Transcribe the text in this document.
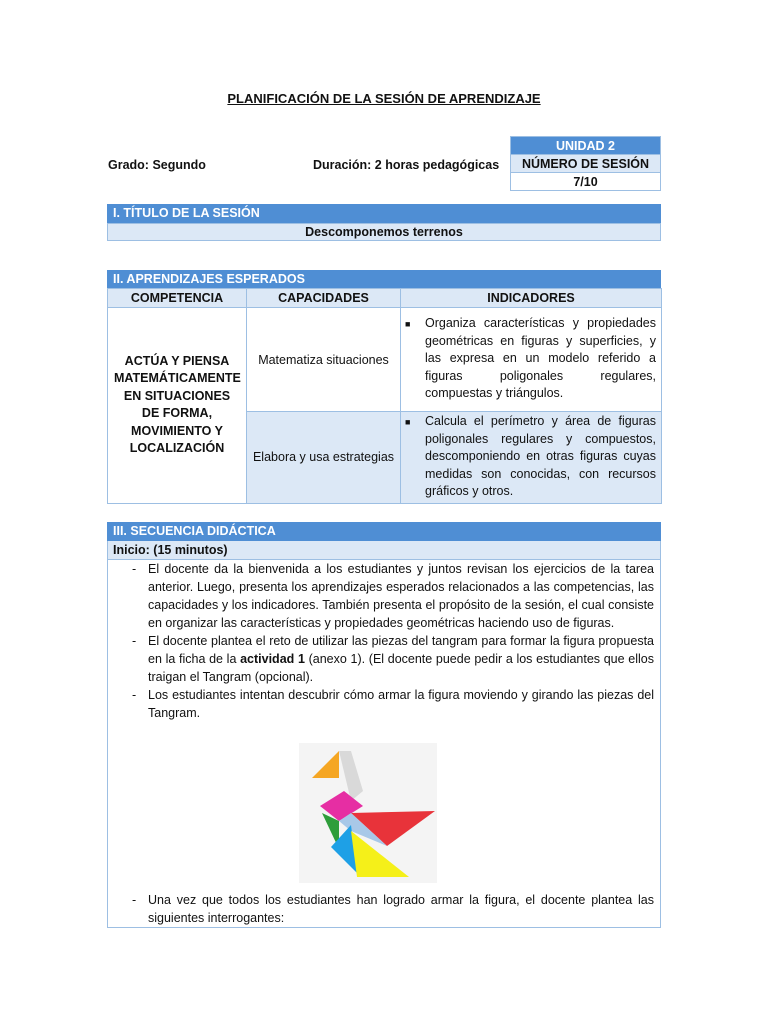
PLANIFICACIÓN DE LA SESIÓN DE APRENDIZAJE
Grado: Segundo	Duración: 2 horas pedagógicas
UNIDAD 2
NÚMERO DE SESIÓN
7/10
I. TÍTULO DE LA SESIÓN
Descomponemos terrenos
II. APRENDIZAJES ESPERADOS
COMPETENCIA	CAPACIDADES	INDICADORES
ACTÚA Y PIENSA MATEMÁTICAMENTE EN SITUACIONES DE FORMA, MOVIMIENTO Y LOCALIZACIÓN	Matematiza situaciones	■ Organiza características y propiedades geométricas en figuras y superficies, y las expresa en un modelo referido a figuras poligonales regulares, compuestas y triángulos.

	Elabora y usa estrategias	■ Calcula el perímetro y área de figuras poligonales regulares y compuestos, descomponiendo en otras figuras cuyas medidas son conocidas, con recursos gráficos y otros.
III. SECUENCIA DIDÁCTICA
Inicio: (15 minutos)
- El docente da la bienvenida a los estudiantes y juntos revisan los ejercicios de la tarea anterior. Luego, presenta los aprendizajes esperados relacionados a las competencias, las capacidades y los indicadores. También presenta el propósito de la sesión, el cual consiste en organizar las características y propiedades geométricas haciendo uso de figuras.
- El docente plantea el reto de utilizar las piezas del tangram para formar la figura propuesta en la ficha de la actividad 1 (anexo 1). (El docente puede pedir a los estudiantes que ellos traigan el Tangram (opcional).
- Los estudiantes intentan descubrir cómo armar la figura moviendo y girando las piezas del Tangram.
- Una vez que todos los estudiantes han logrado armar la figura, el docente plantea las siguientes interrogantes:
